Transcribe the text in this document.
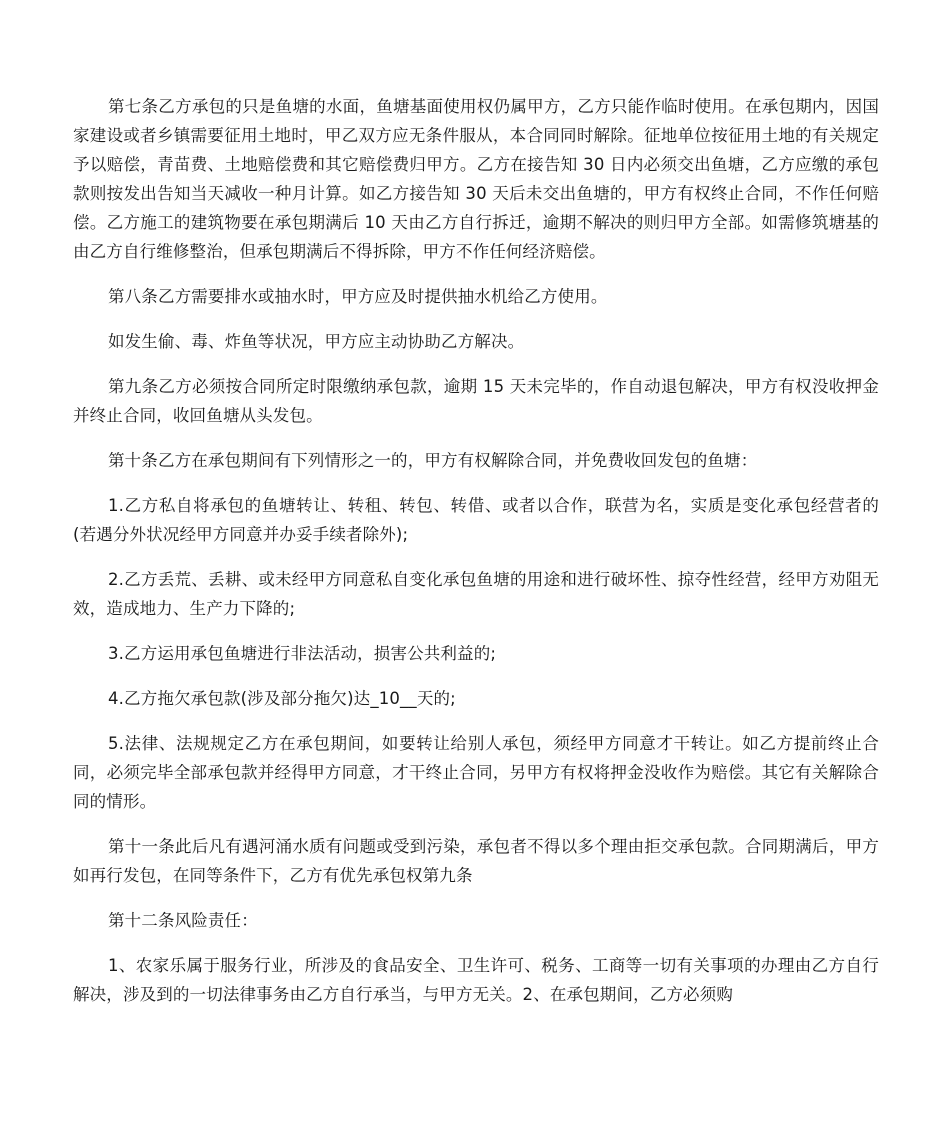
第七条乙方承包的只是鱼塘的水面，鱼塘基面使用权仍属甲方，乙方只能作临时使用。在承包期内，因国家建设或者乡镇需要征用土地时，甲乙双方应无条件服从，本合同同时解除。征地单位按征用土地的有关规定予以赔偿，青苗费、土地赔偿费和其它赔偿费归甲方。乙方在接告知 30 日内必须交出鱼塘，乙方应缴的承包款则按发出告知当天减收一种月计算。如乙方接告知 30 天后未交出鱼塘的，甲方有权终止合同，不作任何赔偿。乙方施工的建筑物要在承包期满后 10 天由乙方自行拆迁，逾期不解决的则归甲方全部。如需修筑塘基的由乙方自行维修整治，但承包期满后不得拆除，甲方不作任何经济赔偿。

第八条乙方需要排水或抽水时，甲方应及时提供抽水机给乙方使用。

如发生偷、毒、炸鱼等状况，甲方应主动协助乙方解决。

第九条乙方必须按合同所定时限缴纳承包款，逾期 15 天未完毕的，作自动退包解决，甲方有权没收押金并终止合同，收回鱼塘从头发包。

第十条乙方在承包期间有下列情形之一的，甲方有权解除合同，并免费收回发包的鱼塘：

1.乙方私自将承包的鱼塘转让、转租、转包、转借、或者以合作，联营为名，实质是变化承包经营者的(若遇分外状况经甲方同意并办妥手续者除外);

2.乙方丢荒、丢耕、或未经甲方同意私自变化承包鱼塘的用途和进行破坏性、掠夺性经营，经甲方劝阻无效，造成地力、生产力下降的;

3.乙方运用承包鱼塘进行非法活动，损害公共利益的;

4.乙方拖欠承包款(涉及部分拖欠)达_10__天的;

5.法律、法规规定乙方在承包期间，如要转让给别人承包，须经甲方同意才干转让。如乙方提前终止合同，必须完毕全部承包款并经得甲方同意，才干终止合同，另甲方有权将押金没收作为赔偿。其它有关解除合同的情形。

第十一条此后凡有遇河涌水质有问题或受到污染，承包者不得以多个理由拒交承包款。合同期满后，甲方如再行发包，在同等条件下，乙方有优先承包权第九条

第十二条风险责任：

1、农家乐属于服务行业，所涉及的食品安全、卫生许可、税务、工商等一切有关事项的办理由乙方自行解决，涉及到的一切法律事务由乙方自行承当，与甲方无关。2、在承包期间，乙方必须购
